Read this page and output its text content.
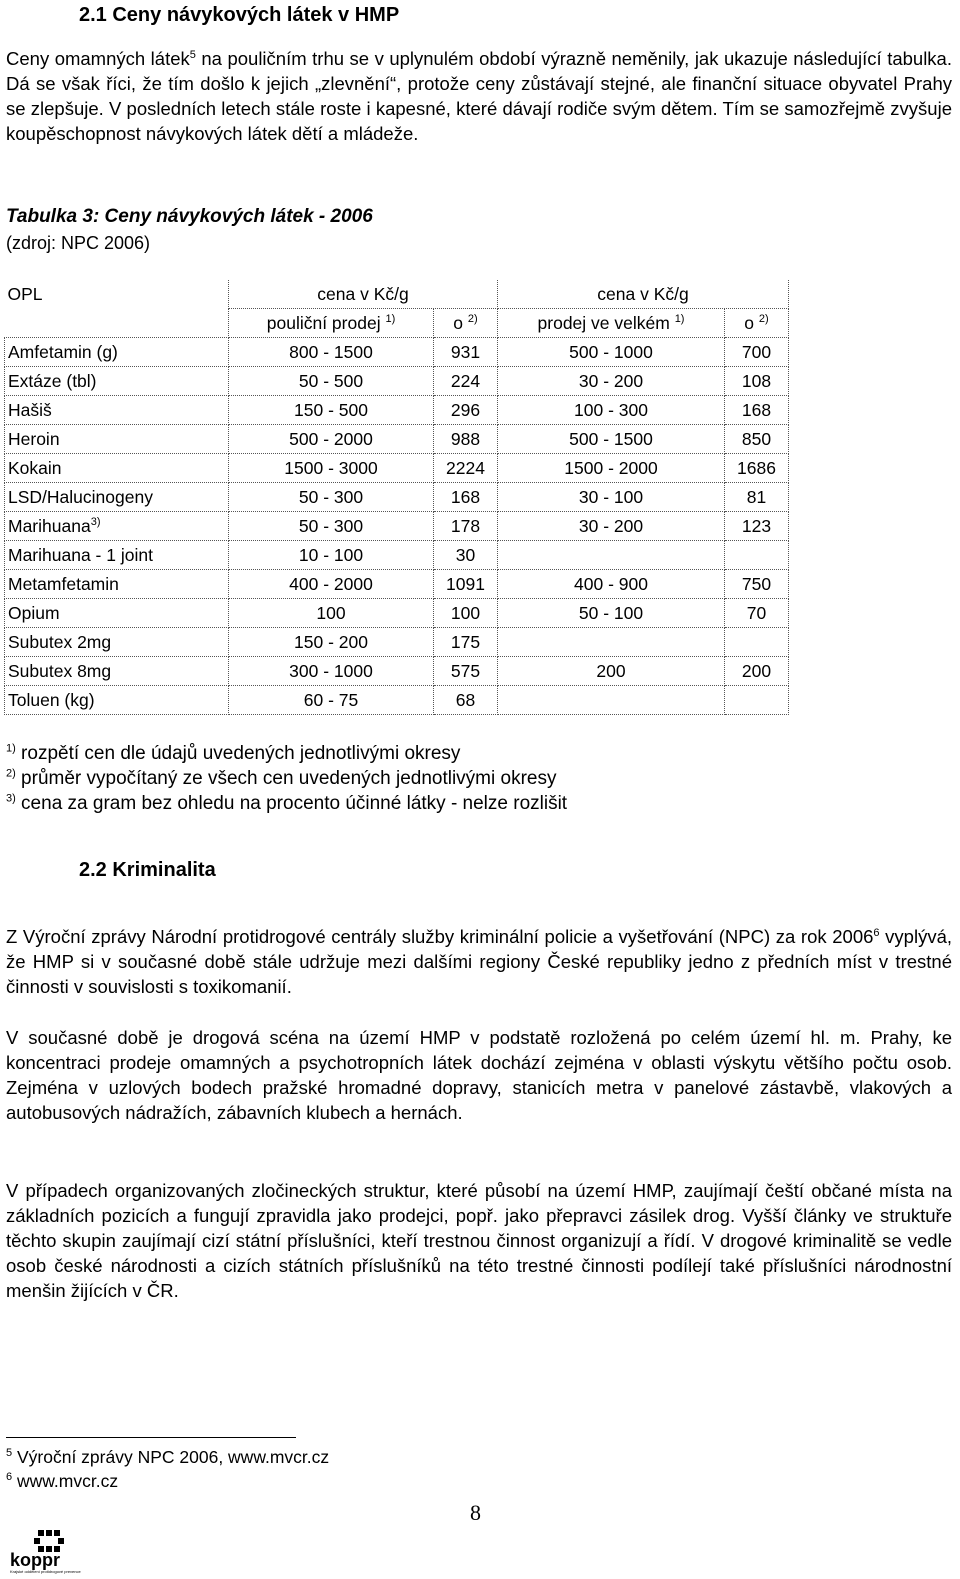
2.1 Ceny návykových látek v HMP
Ceny omamných látek$^5$ na pouličním trhu se v uplynulém období výrazně neměnily, jak ukazuje následující tabulka. Dá se však říci, že tím došlo k jejich „zlevnění“, protože ceny zůstávají stejné, ale finanční situace obyvatel Prahy se zlepšuje. V posledních letech stále roste i kapesné, které dávají rodiče svým dětem. Tím se samozřejmě zvyšuje koupěschopnost návykových látek dětí a mládeže.
Tabulka 3: Ceny návykových látek - 2006
(zdroj: NPC 2006)
OPL	cena v Kč/g		cena v Kč/g	
	pouliční prodej $^{1)}$	o $^{2)}$	prodej ve velkém $^{1)}$	o $^{2)}$
Amfetamin (g)	800 - 1500	931	500 - 1000	700
Extáze (tbl)	50 - 500	224	30 - 200	108
Hašiš	150 - 500	296	100 - 300	168
Heroin	500 - 2000	988	500 - 1500	850
Kokain	1500 - 3000	2224	1500 - 2000	1686
LSD/Halucinogeny	50 - 300	168	30 - 100	81
Marihuana$^{3)}$	50 - 300	178	30 - 200	123
Marihuana - 1 joint	10 - 100	30		
Metamfetamin	400 - 2000	1091	400 - 900	750
Opium	100	100	50 - 100	70
Subutex 2mg	150 - 200	175		
Subutex 8mg	300 - 1000	575	200	200
Toluen (kg)	60 - 75	68		
$^{1)}$ rozpětí cen dle údajů uvedených jednotlivými okresy
$^{2)}$ průměr vypočítaný ze všech cen uvedených jednotlivými okresy
$^{3)}$ cena za gram bez ohledu na procento účinné látky - nelze rozlišit
2.2 Kriminalita
Z Výroční zprávy Národní protidrogové centrály služby kriminální policie a vyšetřování (NPC) za rok 2006$^6$ vyplývá, že HMP si v současné době stále udržuje mezi dalšími regiony České republiky jedno z předních míst v trestné činnosti v souvislosti s toxikomanií.
V současné době je drogová scéna na území HMP v podstatě rozložená po celém území hl. m. Prahy, ke koncentraci prodeje omamných a psychotropních látek dochází zejména v oblasti výskytu většího počtu osob. Zejména v uzlových bodech pražské hromadné dopravy, stanicích metra v panelové zástavbě, vlakových a autobusových nádražích, zábavních klubech a hernách.
V případech organizovaných zločineckých struktur, které působí na území HMP, zaujímají čeští občané místa na základních pozicích a fungují zpravidla jako prodejci, popř. jako přepravci zásilek drog. Vyšší články ve struktuře těchto skupin zaujímají cizí státní příslušníci, kteří trestnou činnost organizují a řídí. V drogové kriminalitě se vedle osob české národnosti a cizích státních příslušníků na této trestné činnosti podílejí také příslušníci národnostní menšin žijících v ČR.
$^5$ Výroční zprávy NPC 2006, www.mvcr.cz
$^6$ www.mvcr.cz
8
koppr
Krajské oddělení protidrogové prevence
